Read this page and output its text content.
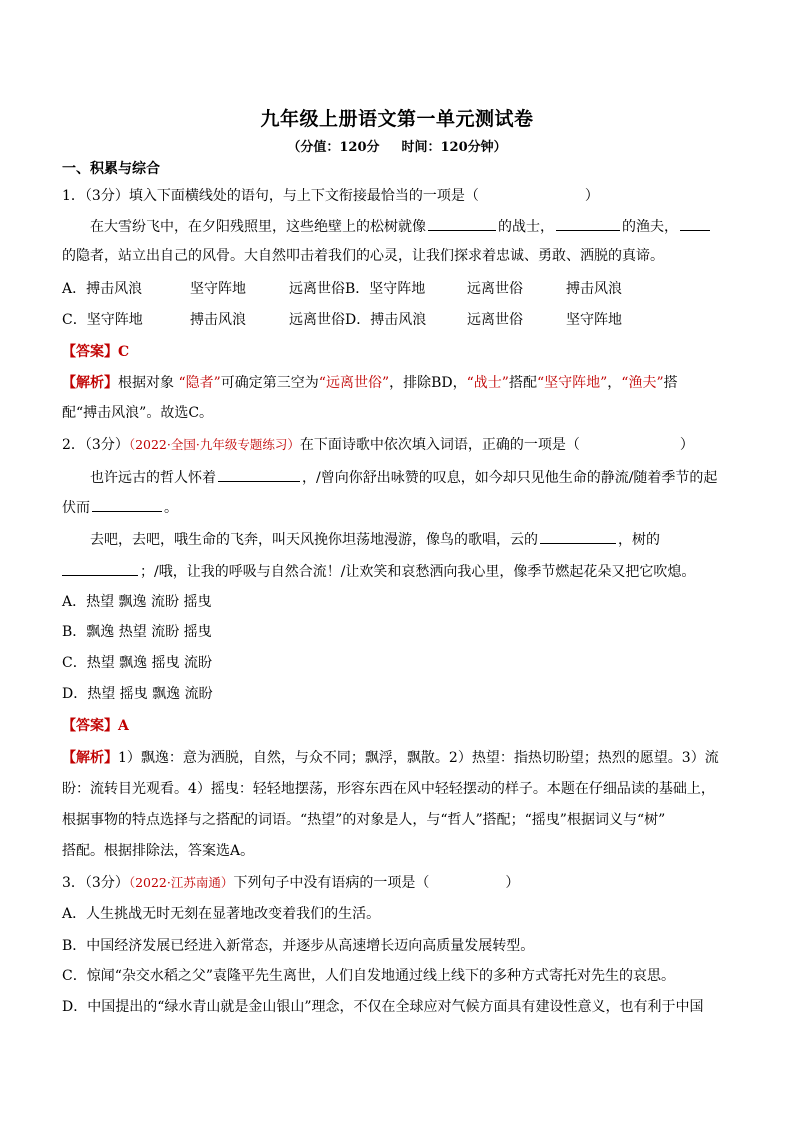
九年级上册语文第一单元测试卷
（分值：120分 时间：120分钟）
一、积累与综合
1．（3分）填入下面横线处的语句，与上下文衔接最恰当的一项是（	）
在大雪纷飞中，在夕阳残照里，这些绝壁上的松树就像	的战士，	的渔夫，
的隐者，站立出自己的风骨。大自然叩击着我们的心灵，让我们探求着忠诚、勇敢、洒脱的真谛。
A．搏击风浪	坚守阵地	远离世俗 B．坚守阵地	远离世俗	搏击风浪
C．坚守阵地	搏击风浪	远离世俗 D．搏击风浪	远离世俗	坚守阵地
【答案】C
【解析】根据对象 “隐者”可确定第三空为“远离世俗”，排除BD，“战士”搭配“坚守阵地”，“渔夫”搭
配“搏击风浪”。故选C。
2．（3分）（2022·全国·九年级专题练习）在下面诗歌中依次填入词语，正确的一项是（	）
也许远古的哲人怀着	，/曾向你舒出咏赞的叹息，如今却只见他生命的静流/随着季节的起
伏而	。
去吧，去吧，哦生命的飞奔，叫天风挽你坦荡地漫游，像鸟的歌唱，云的	，树的
；/哦，让我的呼吸与自然合流！/让欢笑和哀愁洒向我心里，像季节燃起花朵又把它吹熄。
A．热望 飘逸 流盼 摇曳
B．飘逸 热望 流盼 摇曳
C．热望 飘逸 摇曳 流盼
D．热望 摇曳 飘逸 流盼
【答案】A
【解析】1）飘逸：意为洒脱，自然，与众不同；飘浮，飘散。2）热望：指热切盼望；热烈的愿望。3）流
盼：流转目光观看。4）摇曳：轻轻地摆荡，形容东西在风中轻轻摆动的样子。本题在仔细品读的基础上，
根据事物的特点选择与之搭配的词语。“热望”的对象是人，与“哲人”搭配；“摇曳”根据词义与“树”
搭配。根据排除法，答案选A。
3．（3分）（2022·江苏南通）下列句子中没有语病的一项是（	）
A．人生挑战无时无刻在显著地改变着我们的生活。
B．中国经济发展已经进入新常态，并逐步从高速增长迈向高质量发展转型。
C．惊闻“杂交水稻之父”袁隆平先生离世，人们自发地通过线上线下的多种方式寄托对先生的哀思。
D．中国提出的“绿水青山就是金山银山”理念，不仅在全球应对气候方面具有建设性意义，也有利于中国
